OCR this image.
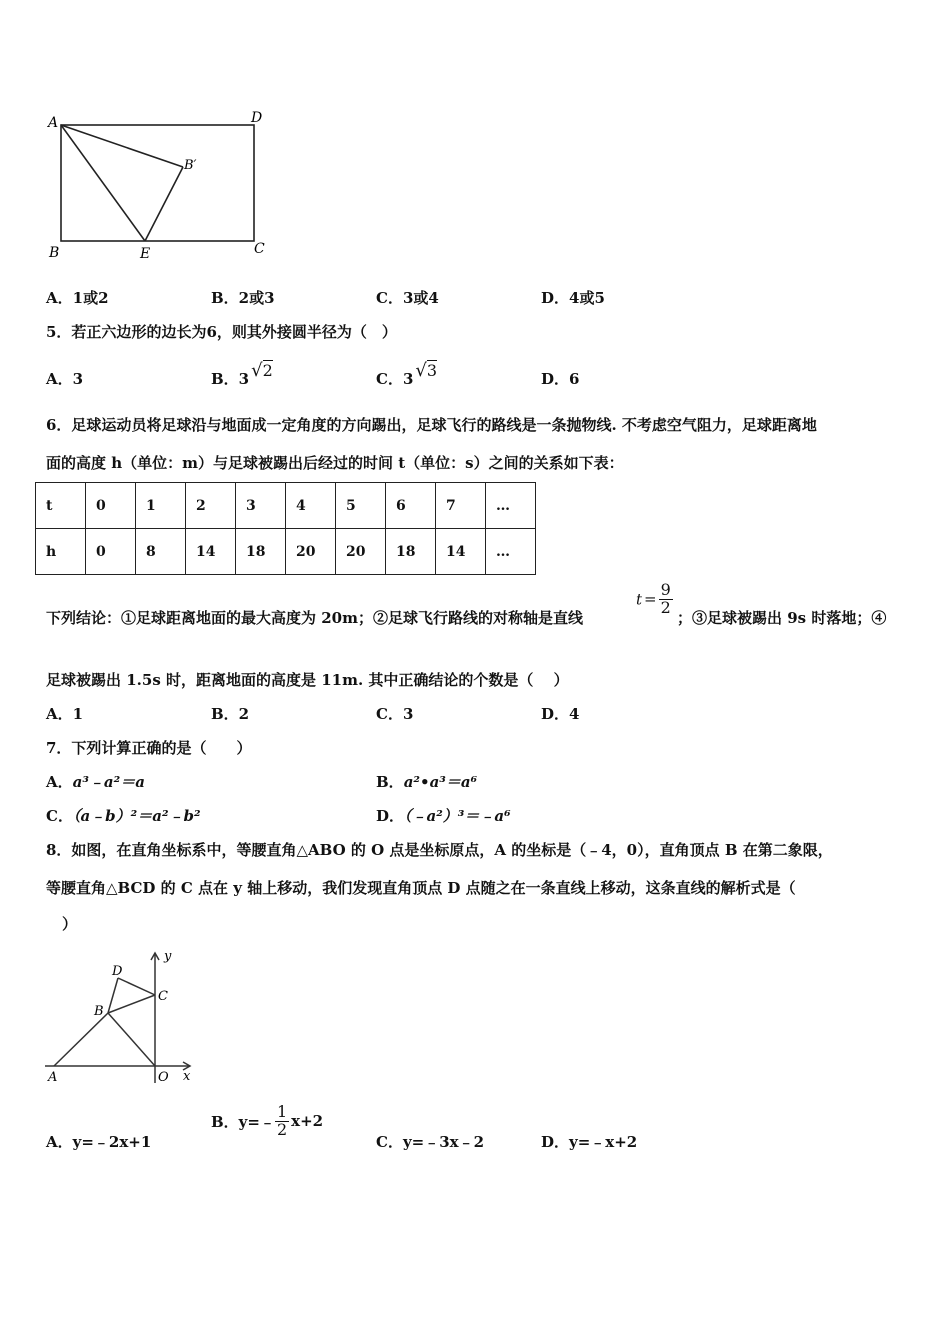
A	D
B′
B	E	C
A．1或2	B．2或3	C．3或4	D．4或5
5．若正六边形的边长为6，则其外接圆半径为（　）
A．3	B．3 √2	C．3 √3	D．6
6．足球运动员将足球沿与地面成一定角度的方向踢出，足球飞行的路线是一条抛物线. 不考虑空气阻力，足球距离地
面的高度 h（单位：m）与足球被踢出后经过的时间 t（单位：s）之间的关系如下表：
t	0	1	2	3	4	5	6	7	…
h	0	8	14	18	20	20	18	14	…
下列结论：①足球距离地面的最大高度为 20m；②足球飞行路线的对称轴是直线
$t = \frac{9}{2}$
；③足球被踢出 9s 时落地；④
足球被踢出 1.5s 时，距离地面的高度是 11m. 其中正确结论的个数是（　 ）
A．1	B．2	C．3	D．4
7．下列计算正确的是（　　）
A．a³﹣a²＝a	B．a²•a³＝a⁶
C．（a﹣b）²＝a²﹣b²	D．（﹣a²）³＝﹣a⁶
8．如图，在直角坐标系中，等腰直角△ABO 的 O 点是坐标原点，A 的坐标是（﹣4，0），直角顶点 B 在第二象限，
等腰直角△BCD 的 C 点在 y 轴上移动，我们发现直角顶点 D 点随之在一条直线上移动，这条直线的解析式是（
）
D
y
C
B
A	O x
A．y=﹣2x+1
B．y=﹣ $\frac{1}{2} x+2$
C．y=﹣3x﹣2	D．y=﹣x+2
